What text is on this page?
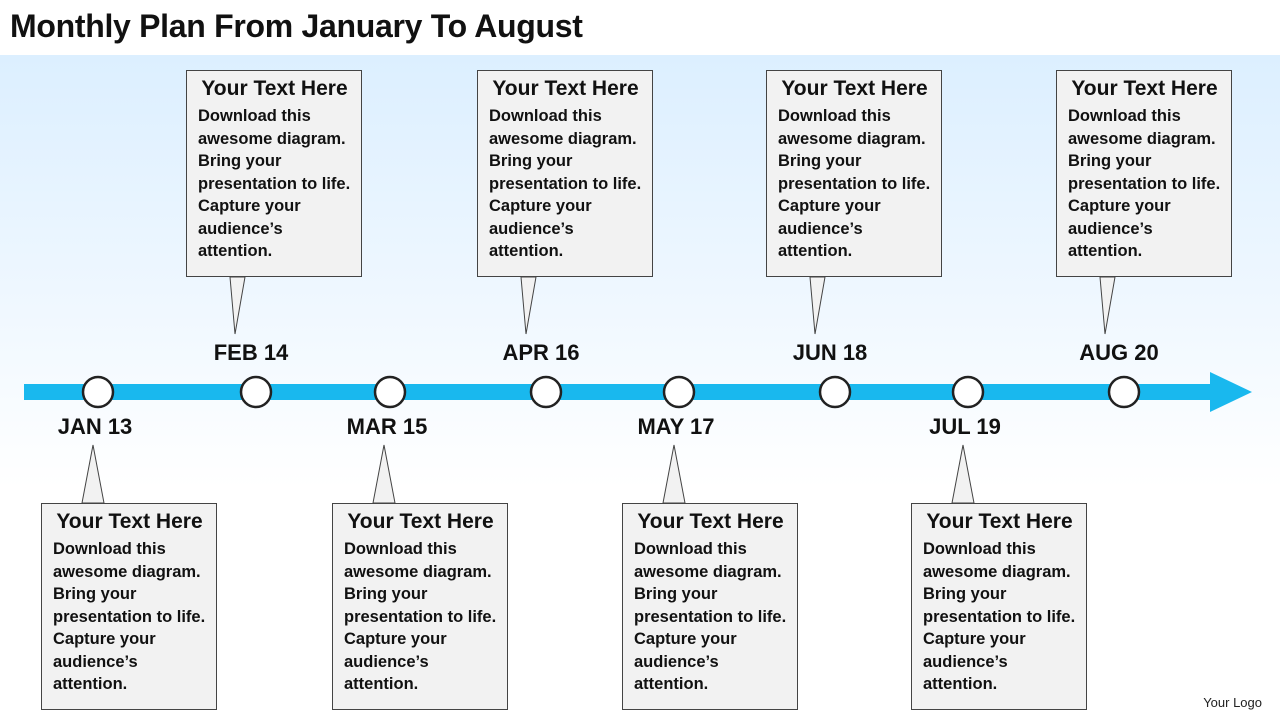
Monthly Plan From January To August
Your Text Here
Download this awesome diagram. Bring your presentation to life. Capture your audience’s attention.
JAN 13
Your Text Here
Download this awesome diagram. Bring your presentation to life. Capture your audience’s attention.
FEB 14
Your Text Here
Download this awesome diagram. Bring your presentation to life. Capture your audience’s attention.
MAR 15
Your Text Here
Download this awesome diagram. Bring your presentation to life. Capture your audience’s attention.
APR 16
Your Text Here
Download this awesome diagram. Bring your presentation to life. Capture your audience’s attention.
MAY 17
Your Text Here
Download this awesome diagram. Bring your presentation to life. Capture your audience’s attention.
JUN 18
Your Text Here
Download this awesome diagram. Bring your presentation to life. Capture your audience’s attention.
JUL 19
Your Text Here
Download this awesome diagram. Bring your presentation to life. Capture your audience’s attention.
AUG 20
Your Logo
